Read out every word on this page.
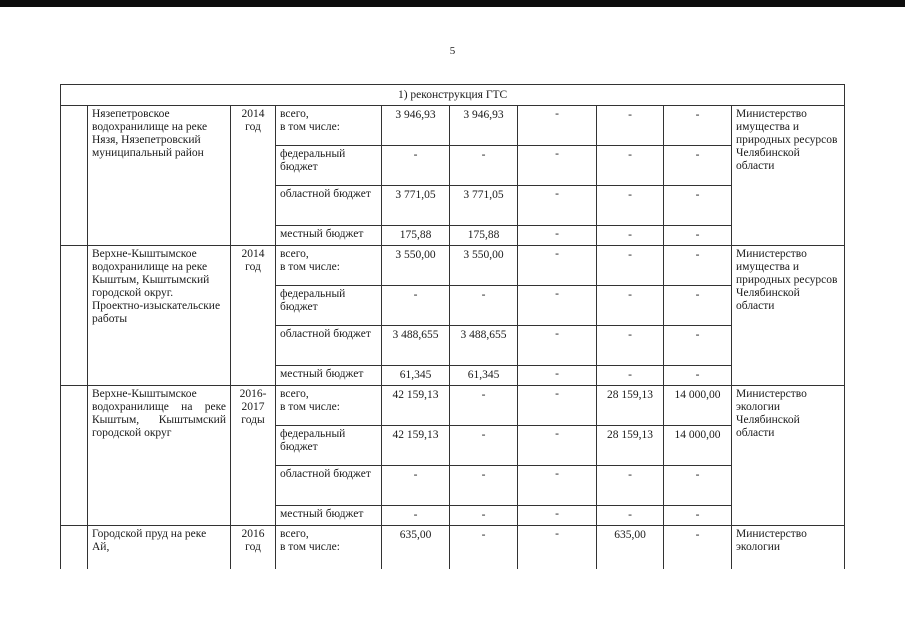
5
1) реконструкция ГТС									
	Нязепетровское водохранилище на реке Нязя, Нязепетровский муниципальный район	2014 год	всего,
в том числе:	3 946,93	3 946,93	-	-	-	Министерство имущества и природных ресурсов Челябинской области
			федеральный бюджет	-	-	-	-	-	
			областной бюджет	3 771,05	3 771,05	-	-	-	
			местный бюджет	175,88	175,88	-	-	-	
	Верхне-Кыштымское водохранилище на реке Кыштым, Кыштымский городской округ. Проектно-изыскательские работы	2014 год	всего,
в том числе:	3 550,00	3 550,00	-	-	-	Министерство имущества и природных ресурсов Челябинской области
			федеральный бюджет	-	-	-	-	-	
			областной бюджет	3 488,655	3 488,655	-	-	-	
			местный бюджет	61,345	61,345	-	-	-	
	Верхне-Кыштымское водохранилище на реке Кыштым, Кыштымский городской округ	2016-2017 годы	всего,
в том числе:	42 159,13	-	-	28 159,13	14 000,00	Министерство экологии Челябинской области
			федеральный бюджет	42 159,13	-	-	28 159,13	14 000,00	
			областной бюджет	-	-	-	-	-	
			местный бюджет	-	-	-	-	-	
	Городской пруд на реке Ай,	2016 год	всего,
в том числе:	635,00	-	-	635,00	-	Министерство экологии
